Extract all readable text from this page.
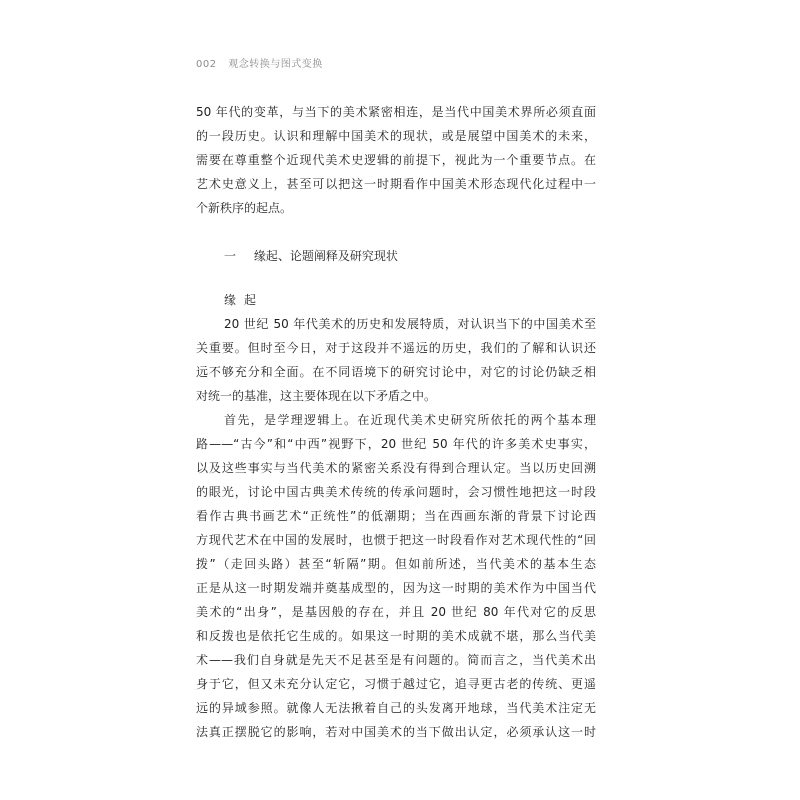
002 观念转换与图式变换
50 年代的变革，与当下的美术紧密相连，是当代中国美术界所必须直面
的一段历史。认识和理解中国美术的现状，或是展望中国美术的未来，
需要在尊重整个近现代美术史逻辑的前提下，视此为一个重要节点。在
艺术史意义上，甚至可以把这一时期看作中国美术形态现代化过程中一
个新秩序的起点。
一 缘起、论题阐释及研究现状
缘起
20 世纪 50 年代美术的历史和发展特质，对认识当下的中国美术至
关重要。但时至今日，对于这段并不遥远的历史，我们的了解和认识还
远不够充分和全面。在不同语境下的研究讨论中，对它的讨论仍缺乏相
对统一的基准，这主要体现在以下矛盾之中。
首先，是学理逻辑上。在近现代美术史研究所依托的两个基本理
路——“古今”和“中西”视野下，20 世纪 50 年代的许多美术史事实，
以及这些事实与当代美术的紧密关系没有得到合理认定。当以历史回溯
的眼光，讨论中国古典美术传统的传承问题时，会习惯性地把这一时段
看作古典书画艺术“正统性”的低潮期；当在西画东渐的背景下讨论西
方现代艺术在中国的发展时，也惯于把这一时段看作对艺术现代性的“回
拨”（走回头路）甚至“斩隔”期。但如前所述，当代美术的基本生态
正是从这一时期发端并奠基成型的，因为这一时期的美术作为中国当代
美术的“出身”，是基因般的存在，并且 20 世纪 80 年代对它的反思
和反拨也是依托它生成的。如果这一时期的美术成就不堪，那么当代美
术——我们自身就是先天不足甚至是有问题的。简而言之，当代美术出
身于它，但又未充分认定它，习惯于越过它，追寻更古老的传统、更遥
远的异域参照。就像人无法揪着自己的头发离开地球，当代美术注定无
法真正摆脱它的影响，若对中国美术的当下做出认定，必须承认这一时
